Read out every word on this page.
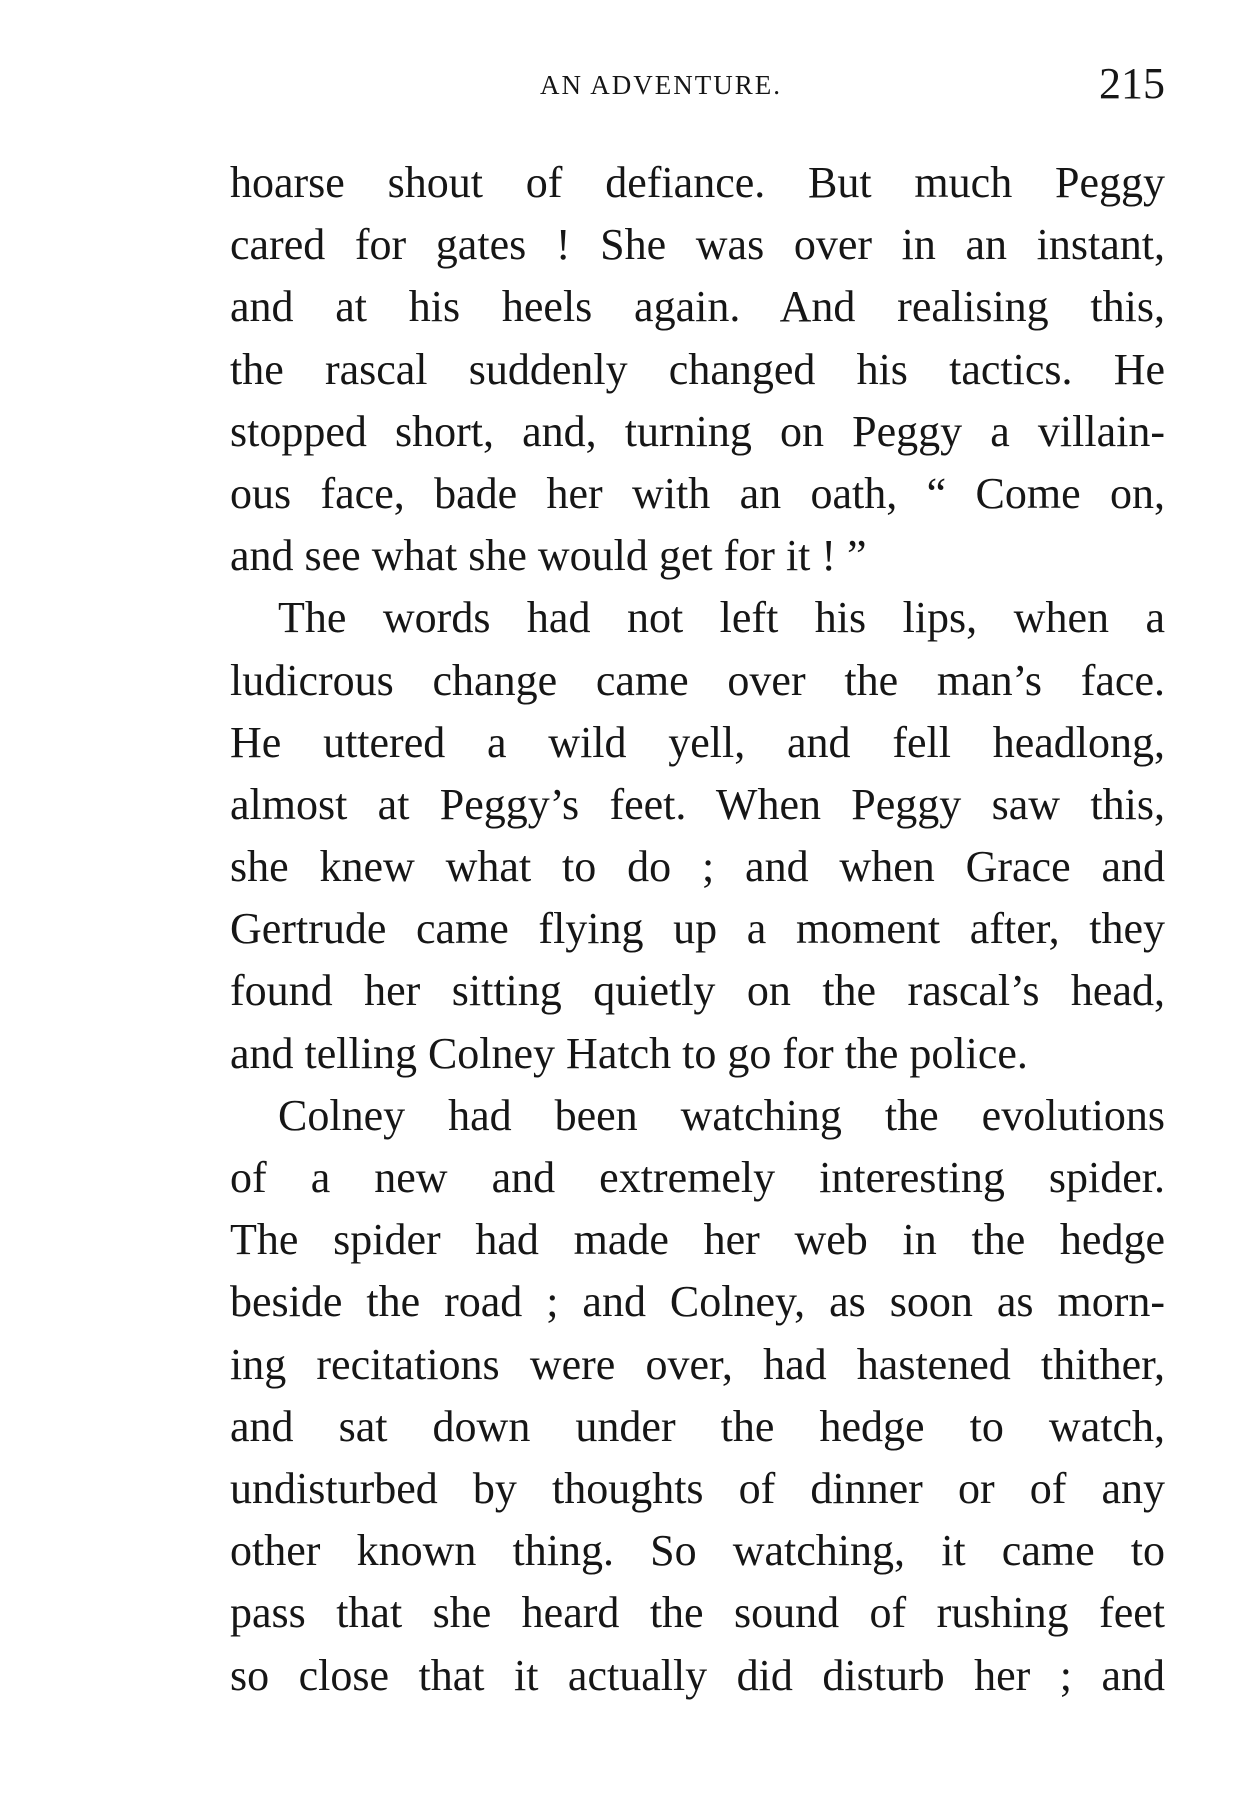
AN ADVENTURE.	215
hoarse shout of defiance. But much Peggy
cared for gates ! She was over in an instant,
and at his heels again. And realising this,
the rascal suddenly changed his tactics. He
stopped short, and, turning on Peggy a villain-
ous face, bade her with an oath, “ Come on,
and see what she would get for it ! ”
The words had not left his lips, when a
ludicrous change came over the man’s face.
He uttered a wild yell, and fell headlong,
almost at Peggy’s feet. When Peggy saw this,
she knew what to do ; and when Grace and
Gertrude came flying up a moment after, they
found her sitting quietly on the rascal’s head,
and telling Colney Hatch to go for the police.
Colney had been watching the evolutions
of a new and extremely interesting spider.
The spider had made her web in the hedge
beside the road ; and Colney, as soon as morn-
ing recitations were over, had hastened thither,
and sat down under the hedge to watch,
undisturbed by thoughts of dinner or of any
other known thing. So watching, it came to
pass that she heard the sound of rushing feet
so close that it actually did disturb her ; and
